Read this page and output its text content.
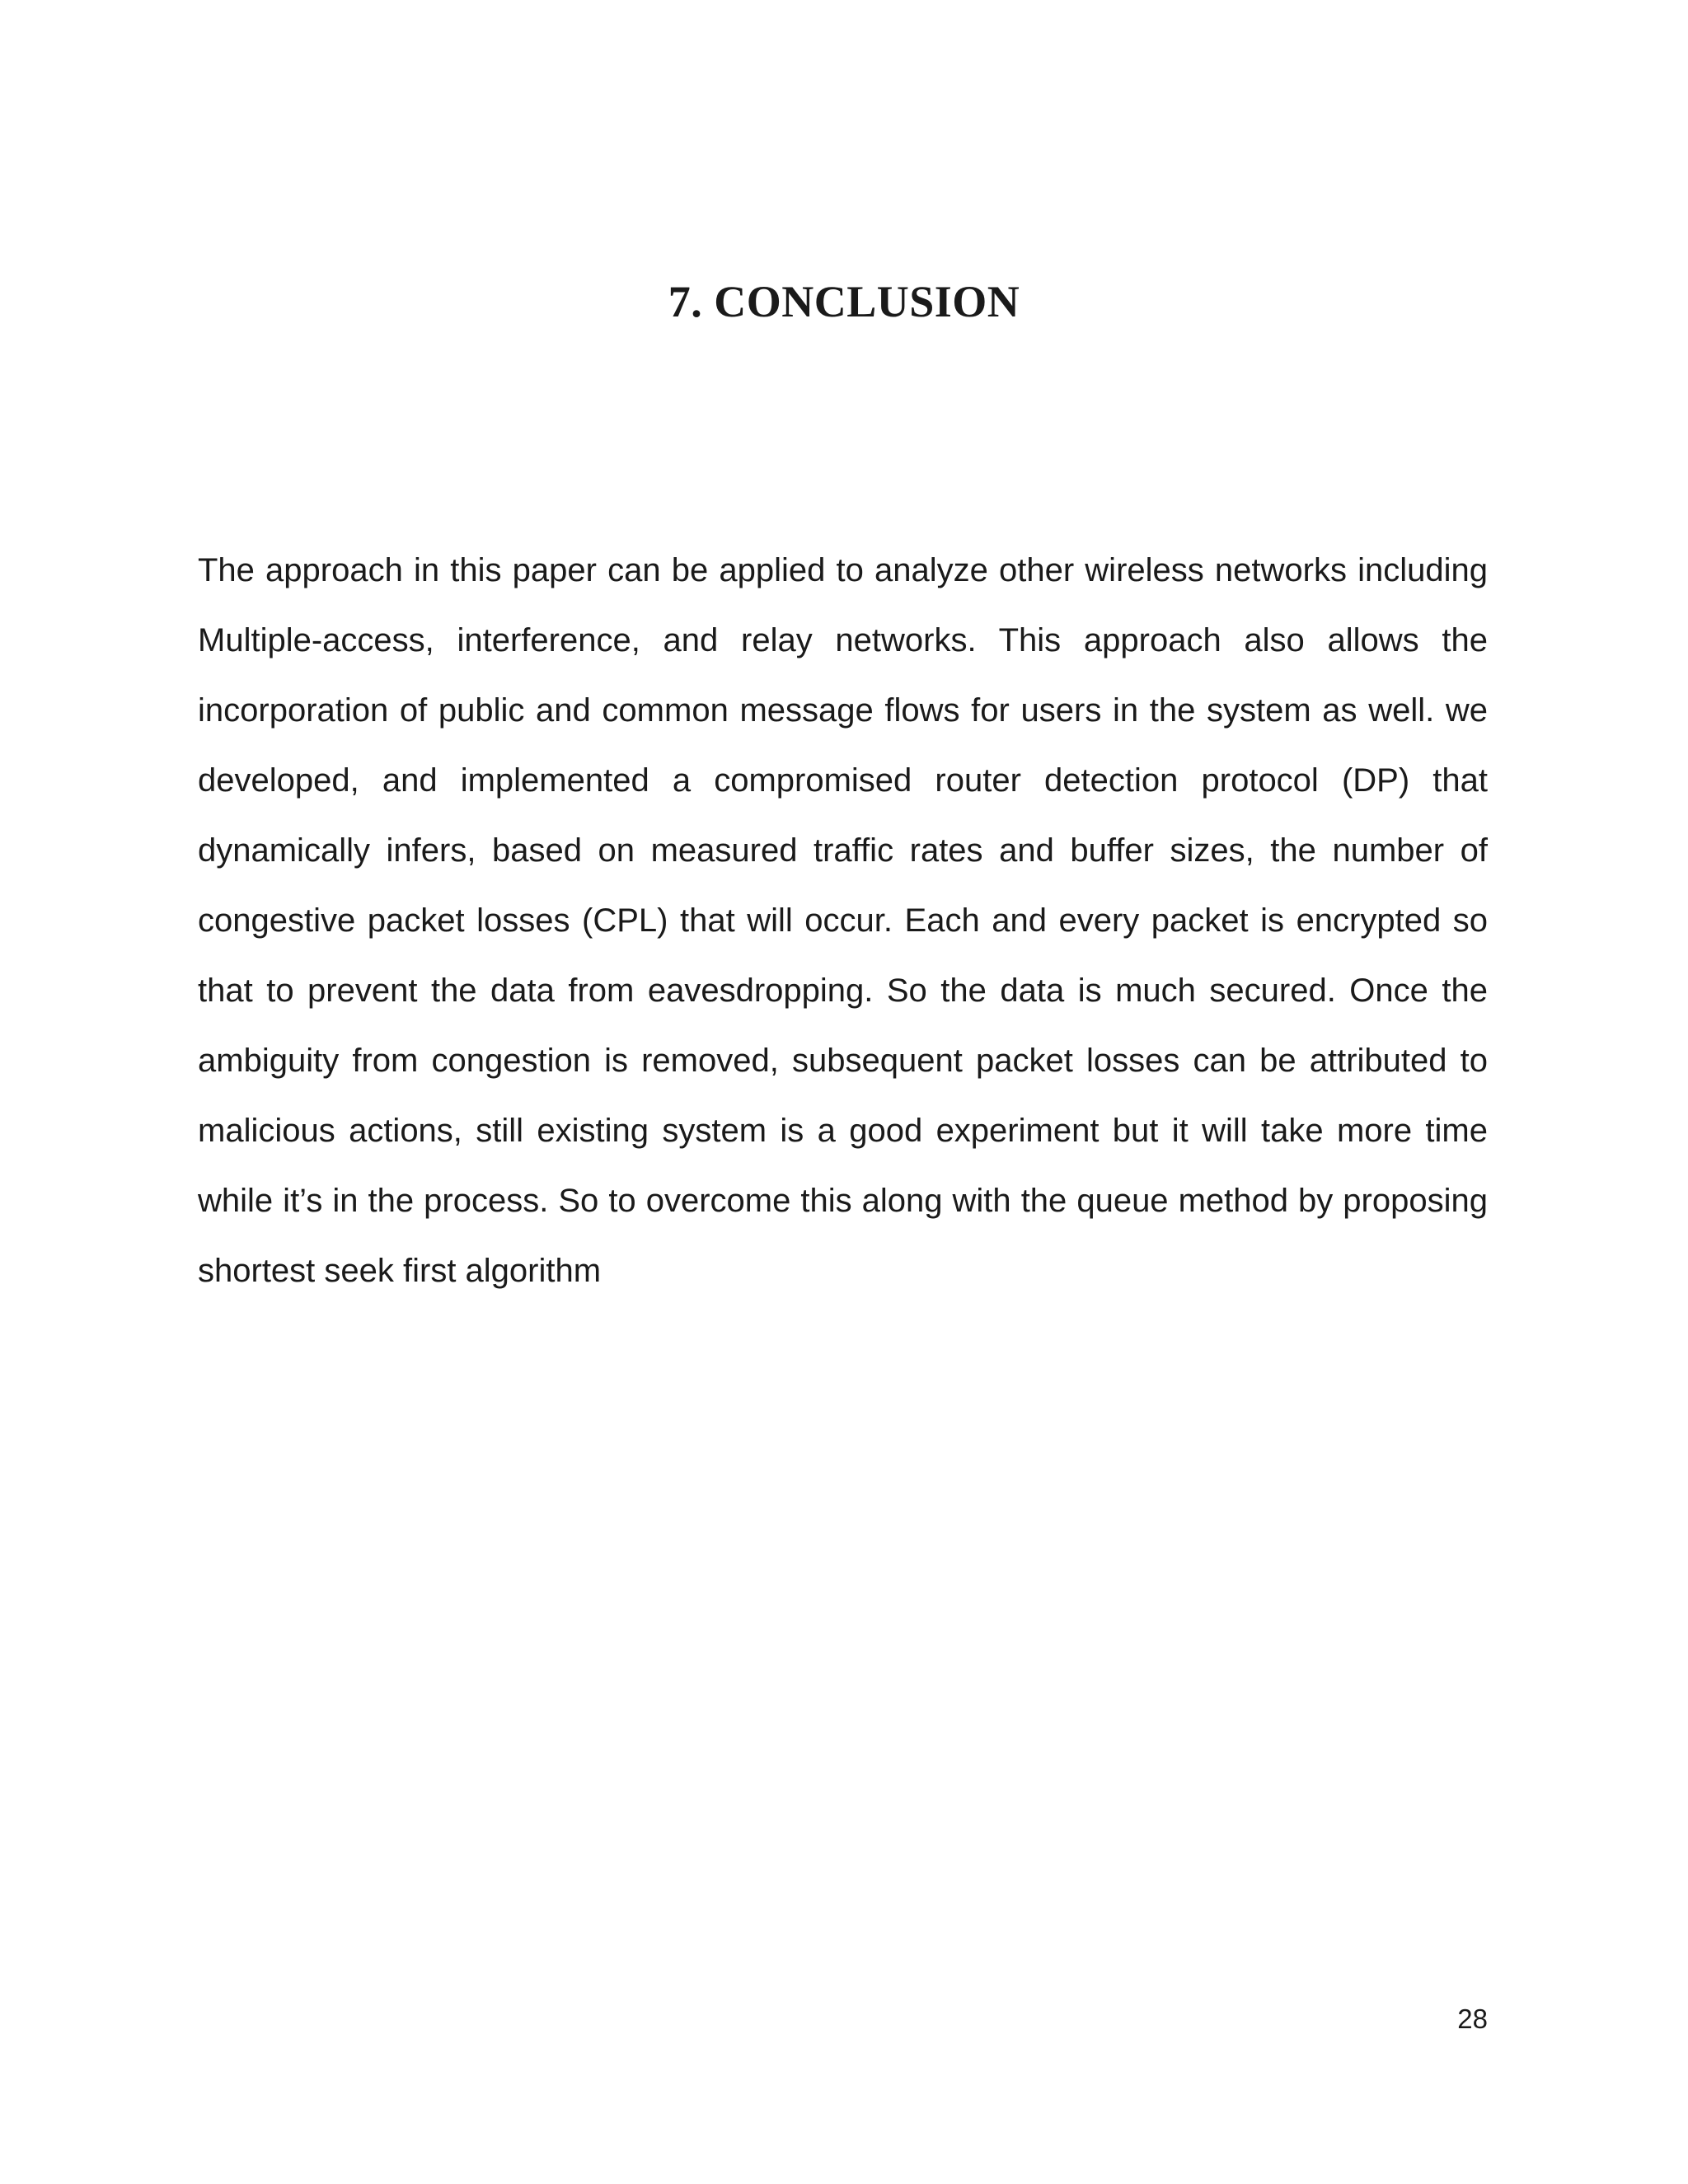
7. CONCLUSION

The approach in this paper can be applied to analyze other wireless networks including Multiple-access, interference, and relay networks. This approach also allows the incorporation of public and common message flows for users in the system as well. we developed, and implemented a compromised router detection protocol (DP) that dynamically infers, based on measured traffic rates and buffer sizes, the number of congestive packet losses (CPL) that will occur. Each and every packet is encrypted so that to prevent the data from eavesdropping. So the data is much secured. Once the ambiguity from congestion is removed, subsequent packet losses can be attributed to malicious actions, still existing system is a good experiment but it will take more time while it’s in the process. So to overcome this along with the queue method by proposing shortest seek first algorithm

28
